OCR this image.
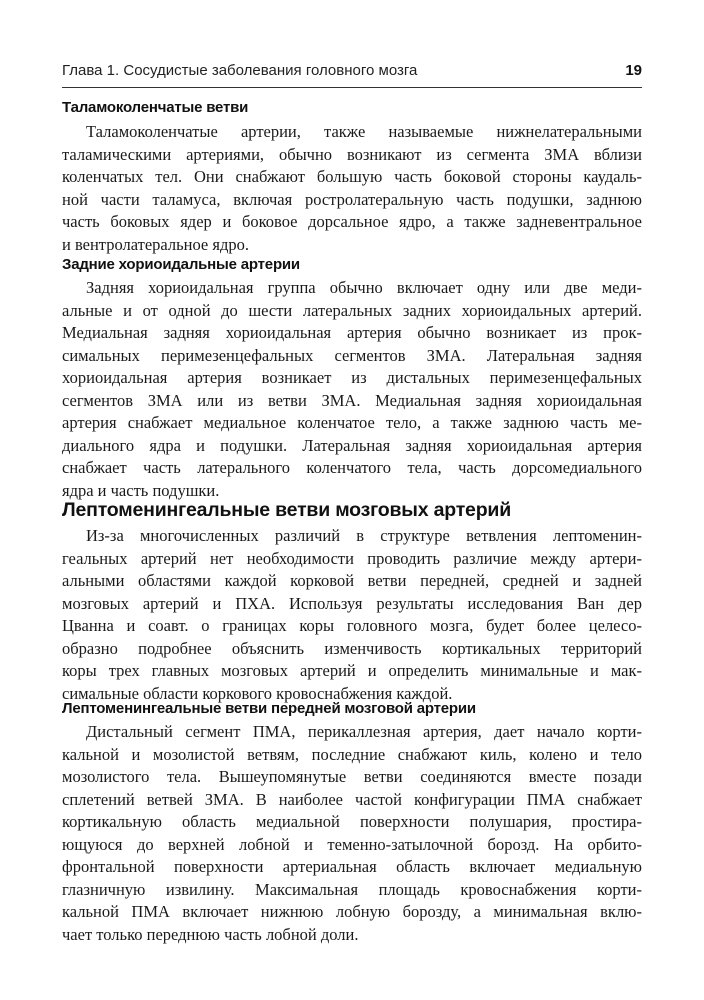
Глава 1. Сосудистые заболевания головного мозга	19
Таламоколенчатые ветви
Таламоколенчатые артерии, также называемые нижнелатеральными
таламическими артериями, обычно возникают из сегмента ЗМА вблизи
коленчатых тел. Они снабжают большую часть боковой стороны каудаль-
ной части таламуса, включая ростролатеральную часть подушки, заднюю
часть боковых ядер и боковое дорсальное ядро, а также задневентральное
и вентролатеральное ядро.
Задние хориоидальные артерии
Задняя хориоидальная группа обычно включает одну или две меди-
альные и от одной до шести латеральных задних хориоидальных артерий.
Медиальная задняя хориоидальная артерия обычно возникает из прок-
симальных перимезенцефальных сегментов ЗМА. Латеральная задняя
хориоидальная артерия возникает из дистальных перимезенцефальных
сегментов ЗМА или из ветви ЗМА. Медиальная задняя хориоидальная
артерия снабжает медиальное коленчатое тело, а также заднюю часть ме-
диального ядра и подушки. Латеральная задняя хориоидальная артерия
снабжает часть латерального коленчатого тела, часть дорсомедиального
ядра и часть подушки.
Лептоменингеальные ветви мозговых артерий
Из-за многочисленных различий в структуре ветвления лептоменин-
геальных артерий нет необходимости проводить различие между артери-
альными областями каждой корковой ветви передней, средней и задней
мозговых артерий и ПХА. Используя результаты исследования Ван дер
Цванна и соавт. о границах коры головного мозга, будет более целесо-
образно подробнее объяснить изменчивость кортикальных территорий
коры трех главных мозговых артерий и определить минимальные и мак-
симальные области коркового кровоснабжения каждой.
Лептоменингеальные ветви передней мозговой артерии
Дистальный сегмент ПМА, перикаллезная артерия, дает начало корти-
кальной и мозолистой ветвям, последние снабжают киль, колено и тело
мозолистого тела. Вышеупомянутые ветви соединяются вместе позади
сплетений ветвей ЗМА. В наиболее частой конфигурации ПМА снабжает
кортикальную область медиальной поверхности полушария, простира-
ющуюся до верхней лобной и теменно-затылочной борозд. На орбито-
фронтальной поверхности артериальная область включает медиальную
глазничную извилину. Максимальная площадь кровоснабжения корти-
кальной ПМА включает нижнюю лобную борозду, а минимальная вклю-
чает только переднюю часть лобной доли.
